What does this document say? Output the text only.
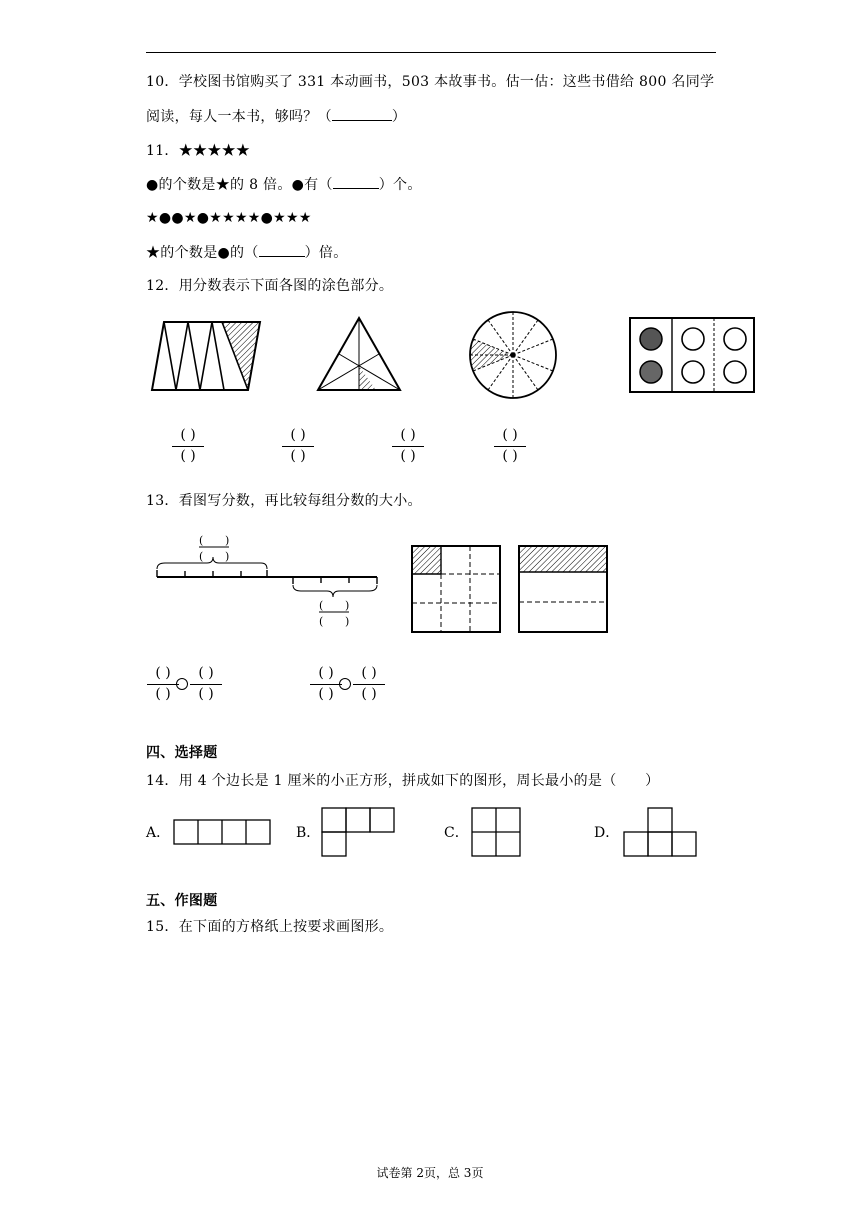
10．学校图书馆购买了 331 本动画书，503 本故事书。估一估：这些书借给 800 名同学
阅读，每人一本书，够吗？（	）
11．★★★★★
●的个数是★的 8 倍。●有（	）个。
★●●★●★★★★●★★★
★的个数是●的（	）倍。
12．用分数表示下面各图的涂色部分。
( )
( )
( )
( )
( )
( )
( )
( )
13．看图写分数，再比较每组分数的大小。
( )
( )
( )
( )
( )
( )
( )
( )
( )
( )
( )
( )
四、选择题
14．用 4 个边长是 1 厘米的小正方形，拼成如下的图形，周长最小的是（　　）
A．	B．	C．	D．
五、作图题
15．在下面的方格纸上按要求画图形。
试卷第 2页，总 3页
